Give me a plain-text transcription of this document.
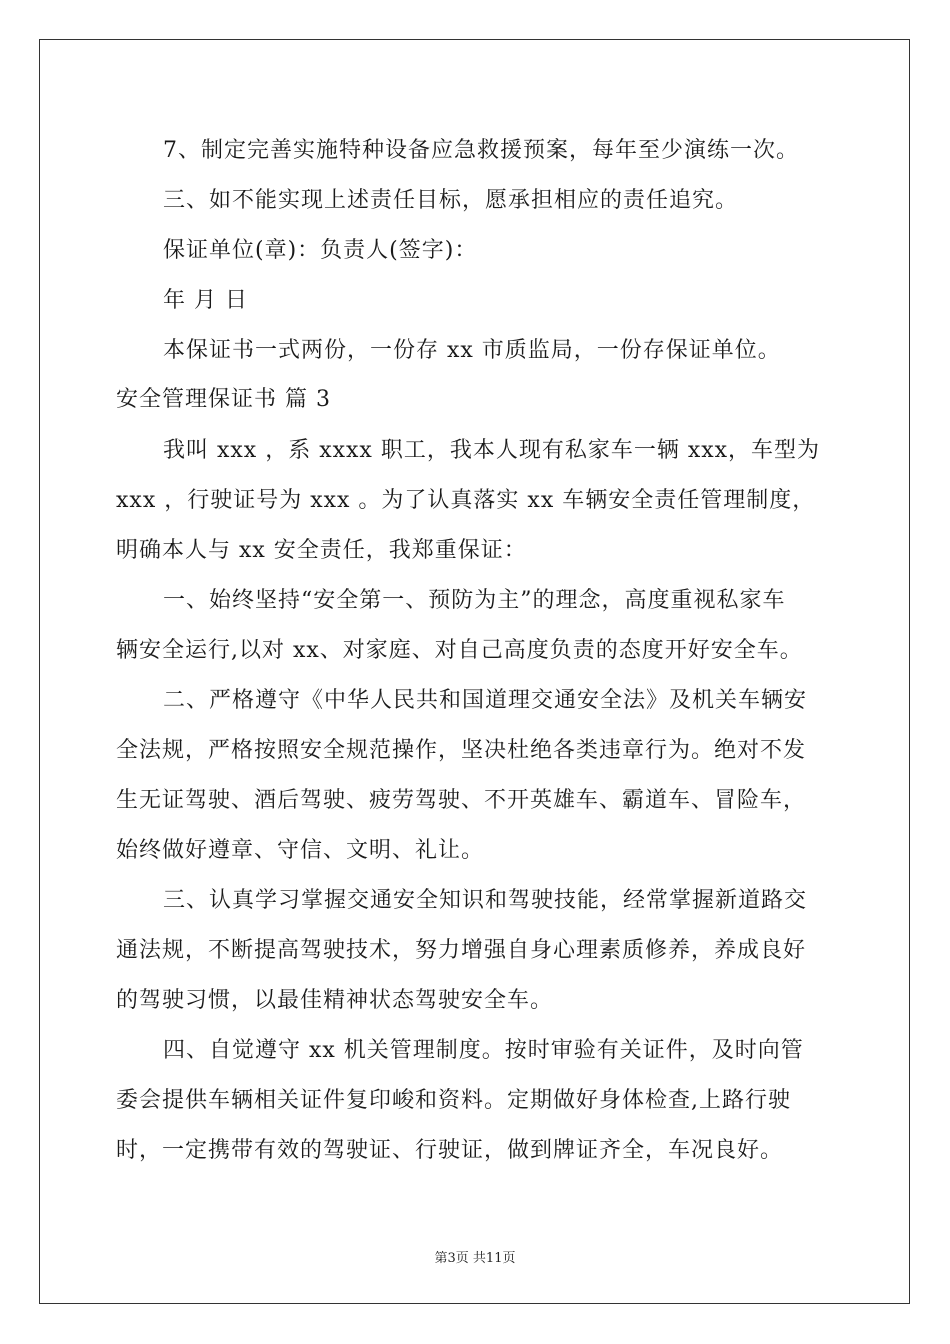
7、制定完善实施特种设备应急救援预案，每年至少演练一次。
三、如不能实现上述责任目标，愿承担相应的责任追究。
保证单位(章)：负责人(签字)：
年 月 日
本保证书一式两份，一份存 xx 市质监局，一份存保证单位。
安全管理保证书 篇 3
我叫 xxx ，系 xxxx 职工，我本人现有私家车一辆 xxx，车型为
xxx ，行驶证号为 xxx 。为了认真落实 xx 车辆安全责任管理制度，
明确本人与 xx 安全责任，我郑重保证：
一、始终坚持“安全第一、预防为主”的理念，高度重视私家车
辆安全运行,以对 xx、对家庭、对自己高度负责的态度开好安全车。
二、严格遵守《中华人民共和国道理交通安全法》及机关车辆安
全法规，严格按照安全规范操作，坚决杜绝各类违章行为。绝对不发
生无证驾驶、酒后驾驶、疲劳驾驶、不开英雄车、霸道车、冒险车，
始终做好遵章、守信、文明、礼让。
三、认真学习掌握交通安全知识和驾驶技能，经常掌握新道路交
通法规，不断提高驾驶技术，努力增强自身心理素质修养，养成良好
的驾驶习惯，以最佳精神状态驾驶安全车。
四、自觉遵守 xx 机关管理制度。按时审验有关证件，及时向管
委会提供车辆相关证件复印峻和资料。定期做好身体检查,上路行驶
时，一定携带有效的驾驶证、行驶证，做到牌证齐全，车况良好。
第3页 共11页
